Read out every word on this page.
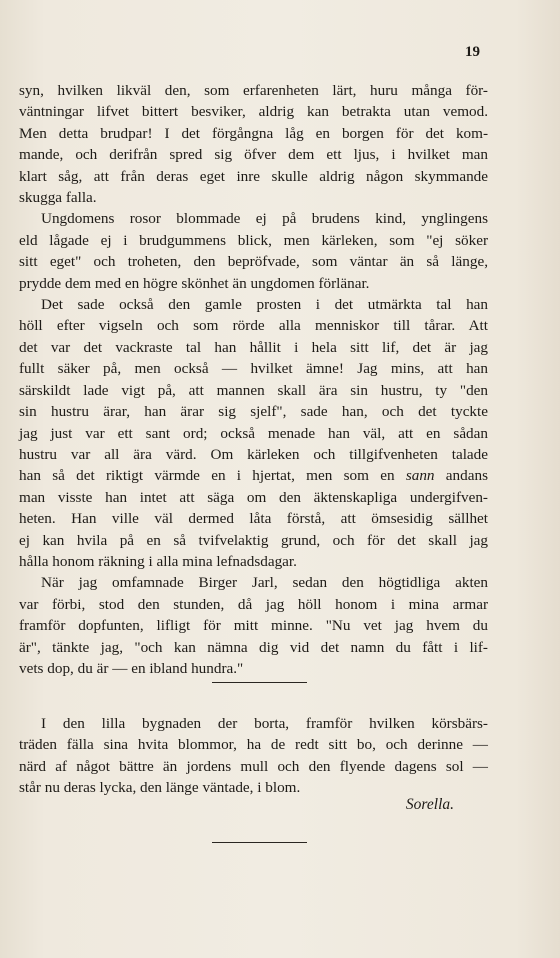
19
syn, hvilken likväl den, som erfarenheten lärt, huru många för-
väntningar lifvet bittert besviker, aldrig kan betrakta utan vemod.
Men detta brudpar! I det förgångna låg en borgen för det kom-
mande, och derifrån spred sig öfver dem ett ljus, i hvilket man
klart såg, att från deras eget inre skulle aldrig någon skymmande
skugga falla.
Ungdomens rosor blommade ej på brudens kind, ynglingens
eld lågade ej i brudgummens blick, men kärleken, som "ej söker
sitt eget" och troheten, den bepröfvade, som väntar än så länge,
prydde dem med en högre skönhet än ungdomen förlänar.
Det sade också den gamle prosten i det utmärkta tal han
höll efter vigseln och som rörde alla menniskor till tårar. Att
det var det vackraste tal han hållit i hela sitt lif, det är jag
fullt säker på, men också — hvilket ämne! Jag mins, att han
särskildt lade vigt på, att mannen skall ära sin hustru, ty "den
sin hustru ärar, han ärar sig sjelf", sade han, och det tyckte
jag just var ett sant ord; också menade han väl, att en sådan
hustru var all ära värd. Om kärleken och tillgifvenheten talade
han så det riktigt värmde en i hjertat, men som en sann andans
man visste han intet att säga om den äktenskapliga undergifven-
heten. Han ville väl dermed låta förstå, att ömsesidig sällhet
ej kan hvila på en så tvifvelaktig grund, och för det skall jag
hålla honom räkning i alla mina lefnadsdagar.
När jag omfamnade Birger Jarl, sedan den högtidliga akten
var förbi, stod den stunden, då jag höll honom i mina armar
framför dopfunten, lifligt för mitt minne. "Nu vet jag hvem du
är", tänkte jag, "och kan nämna dig vid det namn du fått i lif-
vets dop, du är — en ibland hundra."
I den lilla bygnaden der borta, framför hvilken körsbärs-
träden fälla sina hvita blommor, ha de redt sitt bo, och derinne —
närd af något bättre än jordens mull och den flyende dagens sol —
står nu deras lycka, den länge väntade, i blom.
Sorella.
